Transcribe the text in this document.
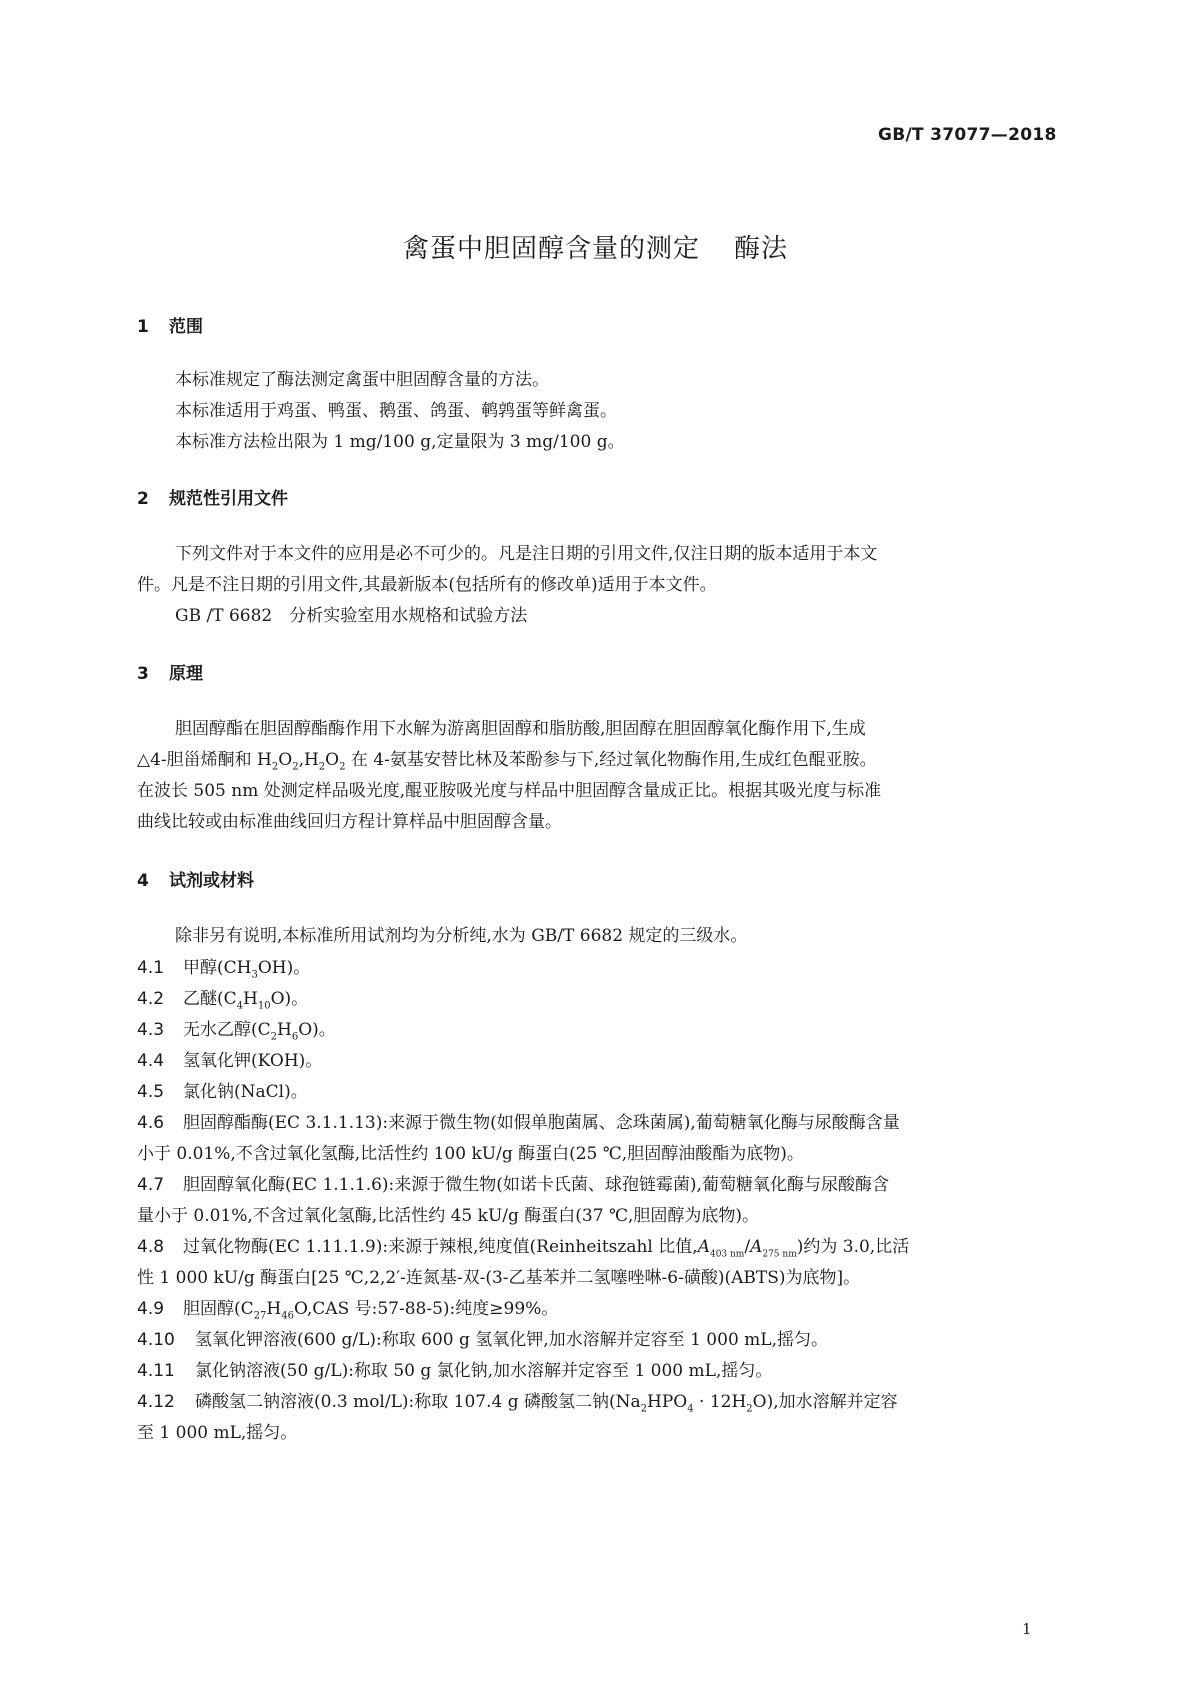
GB/T 37077—2018
禽蛋中胆固醇含量的测定 酶法
1 范围
本标准规定了酶法测定禽蛋中胆固醇含量的方法。
本标准适用于鸡蛋、鸭蛋、鹅蛋、鸽蛋、鹌鹑蛋等鲜禽蛋。
本标准方法检出限为 1 mg/100 g,定量限为 3 mg/100 g。
2 规范性引用文件
下列文件对于本文件的应用是必不可少的。凡是注日期的引用文件,仅注日期的版本适用于本文
件。凡是不注日期的引用文件,其最新版本(包括所有的修改单)适用于本文件。
GB /T 6682　分析实验室用水规格和试验方法
3 原理
胆固醇酯在胆固醇酯酶作用下水解为游离胆固醇和脂肪酸,胆固醇在胆固醇氧化酶作用下,生成
△4-胆甾烯酮和 $H_2O_2,H_2O_2$ 在 4-氨基安替比林及苯酚参与下,经过氧化物酶作用,生成红色醌亚胺。
在波长 505 nm 处测定样品吸光度,醌亚胺吸光度与样品中胆固醇含量成正比。根据其吸光度与标准
曲线比较或由标准曲线回归方程计算样品中胆固醇含量。
4 试剂或材料
除非另有说明,本标准所用试剂均为分析纯,水为 GB/T 6682 规定的三级水。
4.1 甲醇$(CH_3OH)$。
4.2 乙醚$(C_4H_{10}O)$。
4.3 无水乙醇$(C_2H_6O)$。
4.4 氢氧化钾(KOH)。
4.5 氯化钠(NaCl)。
4.6 胆固醇酯酶(EC 3.1.1.13):来源于微生物(如假单胞菌属、念珠菌属),葡萄糖氧化酶与尿酸酶含量
小于 0.01%,不含过氧化氢酶,比活性约 100 kU/g 酶蛋白(25 ℃,胆固醇油酸酯为底物)。
4.7 胆固醇氧化酶(EC 1.1.1.6):来源于微生物(如诺卡氏菌、球孢链霉菌),葡萄糖氧化酶与尿酸酶含
量小于 0.01%,不含过氧化氢酶,比活性约 45 kU/g 酶蛋白(37 ℃,胆固醇为底物)。
4.8 过氧化物酶(EC 1.11.1.9):来源于辣根,纯度值(Reinheitszahl 比值$,A_{403 nm}/A_{275 nm}$)约为 3.0,比活
性 1 000 kU/g 酶蛋白[25 ℃,2,2′-连氮基-双-(3-乙基苯并二氢噻唑啉-6-磺酸)(ABTS)为底物]。
4.9 胆固醇($C_{27}H_{46}O,CAS$ 号:57-88-5):纯度≥99%。
4.10 氢氧化钾溶液(600 g/L):称取 600 g 氢氧化钾,加水溶解并定容至 1 000 mL,摇匀。
4.11 氯化钠溶液(50 g/L):称取 50 g 氯化钠,加水溶解并定容至 1 000 mL,摇匀。
4.12 磷酸氢二钠溶液(0.3 mol/L):称取 107.4 g 磷酸氢二钠$(Na_2HPO_4 \cdot 12H_2O)$,加水溶解并定容
至 1 000 mL,摇匀。
1
